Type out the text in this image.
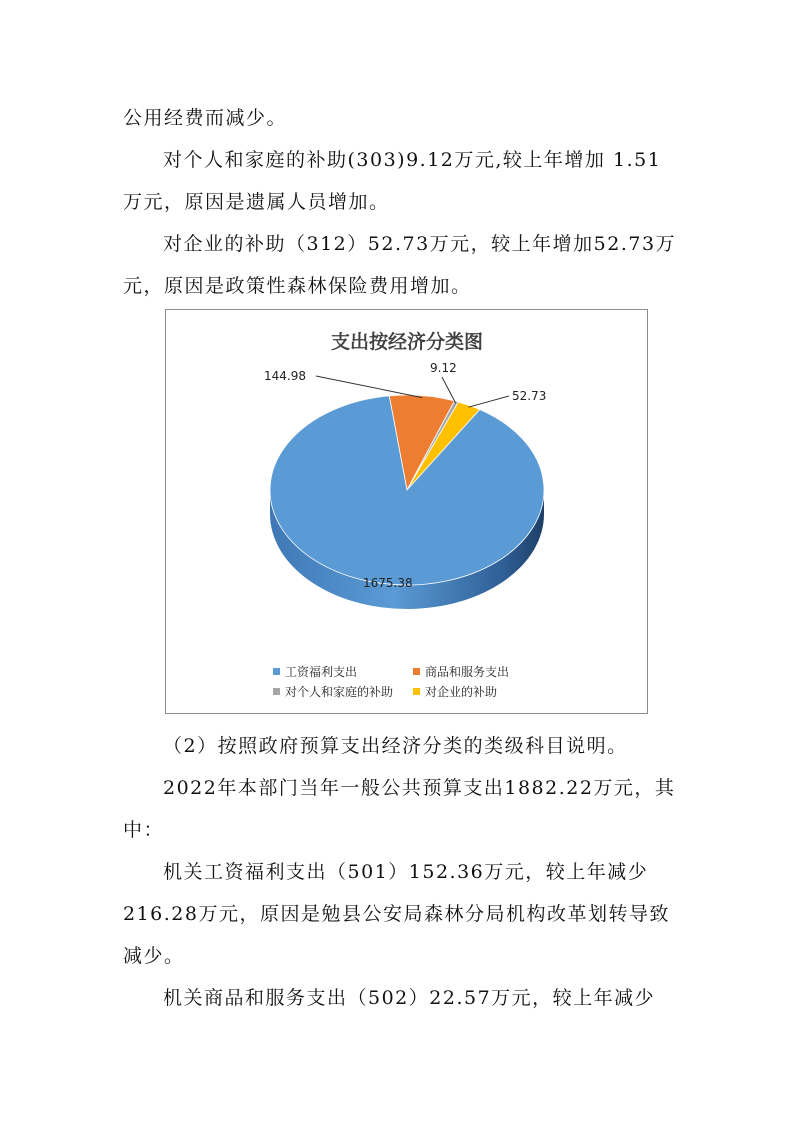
公用经费而减少。
对个人和家庭的补助(303)9.12万元,较上年增加 1.51
万元，原因是遗属人员增加。
对企业的补助（312）52.73万元，较上年增加52.73万
元，原因是政策性森林保险费用增加。
支出按经济分类图
1675.38
144.98
9.12
52.73
工资福利支出	商品和服务支出
对个人和家庭的补助	对企业的补助
（2）按照政府预算支出经济分类的类级科目说明。
2022年本部门当年一般公共预算支出1882.22万元，其
中：
机关工资福利支出（501）152.36万元，较上年减少
216.28万元，原因是勉县公安局森林分局机构改革划转导致
减少。
机关商品和服务支出（502）22.57万元，较上年减少
